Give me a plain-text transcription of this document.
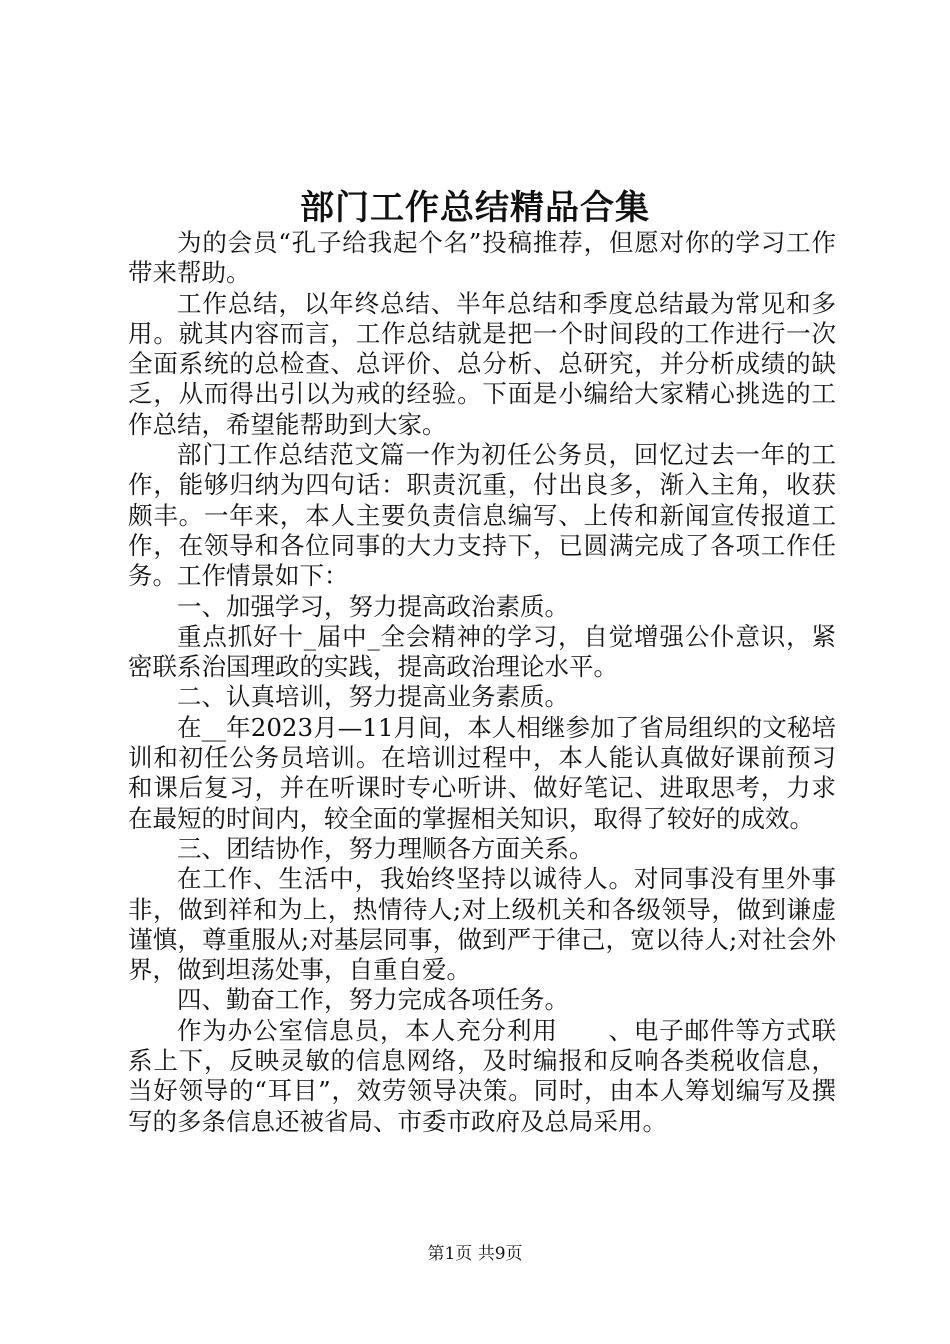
部门工作总结精品合集

为的会员“孔子给我起个名”投稿推荐，但愿对你的学习工作带来帮助。

工作总结，以年终总结、半年总结和季度总结最为常见和多用。就其内容而言，工作总结就是把一个时间段的工作进行一次全面系统的总检查、总评价、总分析、总研究，并分析成绩的缺乏，从而得出引以为戒的经验。下面是小编给大家精心挑选的工作总结，希望能帮助到大家。

部门工作总结范文篇一作为初任公务员，回忆过去一年的工作，能够归纳为四句话：职责沉重，付出良多，渐入主角，收获颇丰。一年来，本人主要负责信息编写、上传和新闻宣传报道工作，在领导和各位同事的大力支持下，已圆满完成了各项工作任务。工作情景如下：

一、加强学习，努力提高政治素质。

重点抓好十_届中_全会精神的学习，自觉增强公仆意识，紧密联系治国理政的实践，提高政治理论水平。

二、认真培训，努力提高业务素质。

在__年2023月—11月间，本人相继参加了省局组织的文秘培训和初任公务员培训。在培训过程中，本人能认真做好课前预习和课后复习，并在听课时专心听讲、做好笔记、进取思考，力求在最短的时间内，较全面的掌握相关知识，取得了较好的成效。

三、团结协作，努力理顺各方面关系。

在工作、生活中，我始终坚持以诚待人。对同事没有里外事非，做到祥和为上，热情待人;对上级机关和各级领导，做到谦虚谨慎，尊重服从;对基层同事，做到严于律己，宽以待人;对社会外界，做到坦荡处事，自重自爱。

四、勤奋工作，努力完成各项任务。

作为办公室信息员，本人充分利用　　、电子邮件等方式联系上下，反映灵敏的信息网络，及时编报和反响各类税收信息，当好领导的“耳目”，效劳领导决策。同时，由本人筹划编写及撰写的多条信息还被省局、市委市政府及总局采用。

第1页 共9页
